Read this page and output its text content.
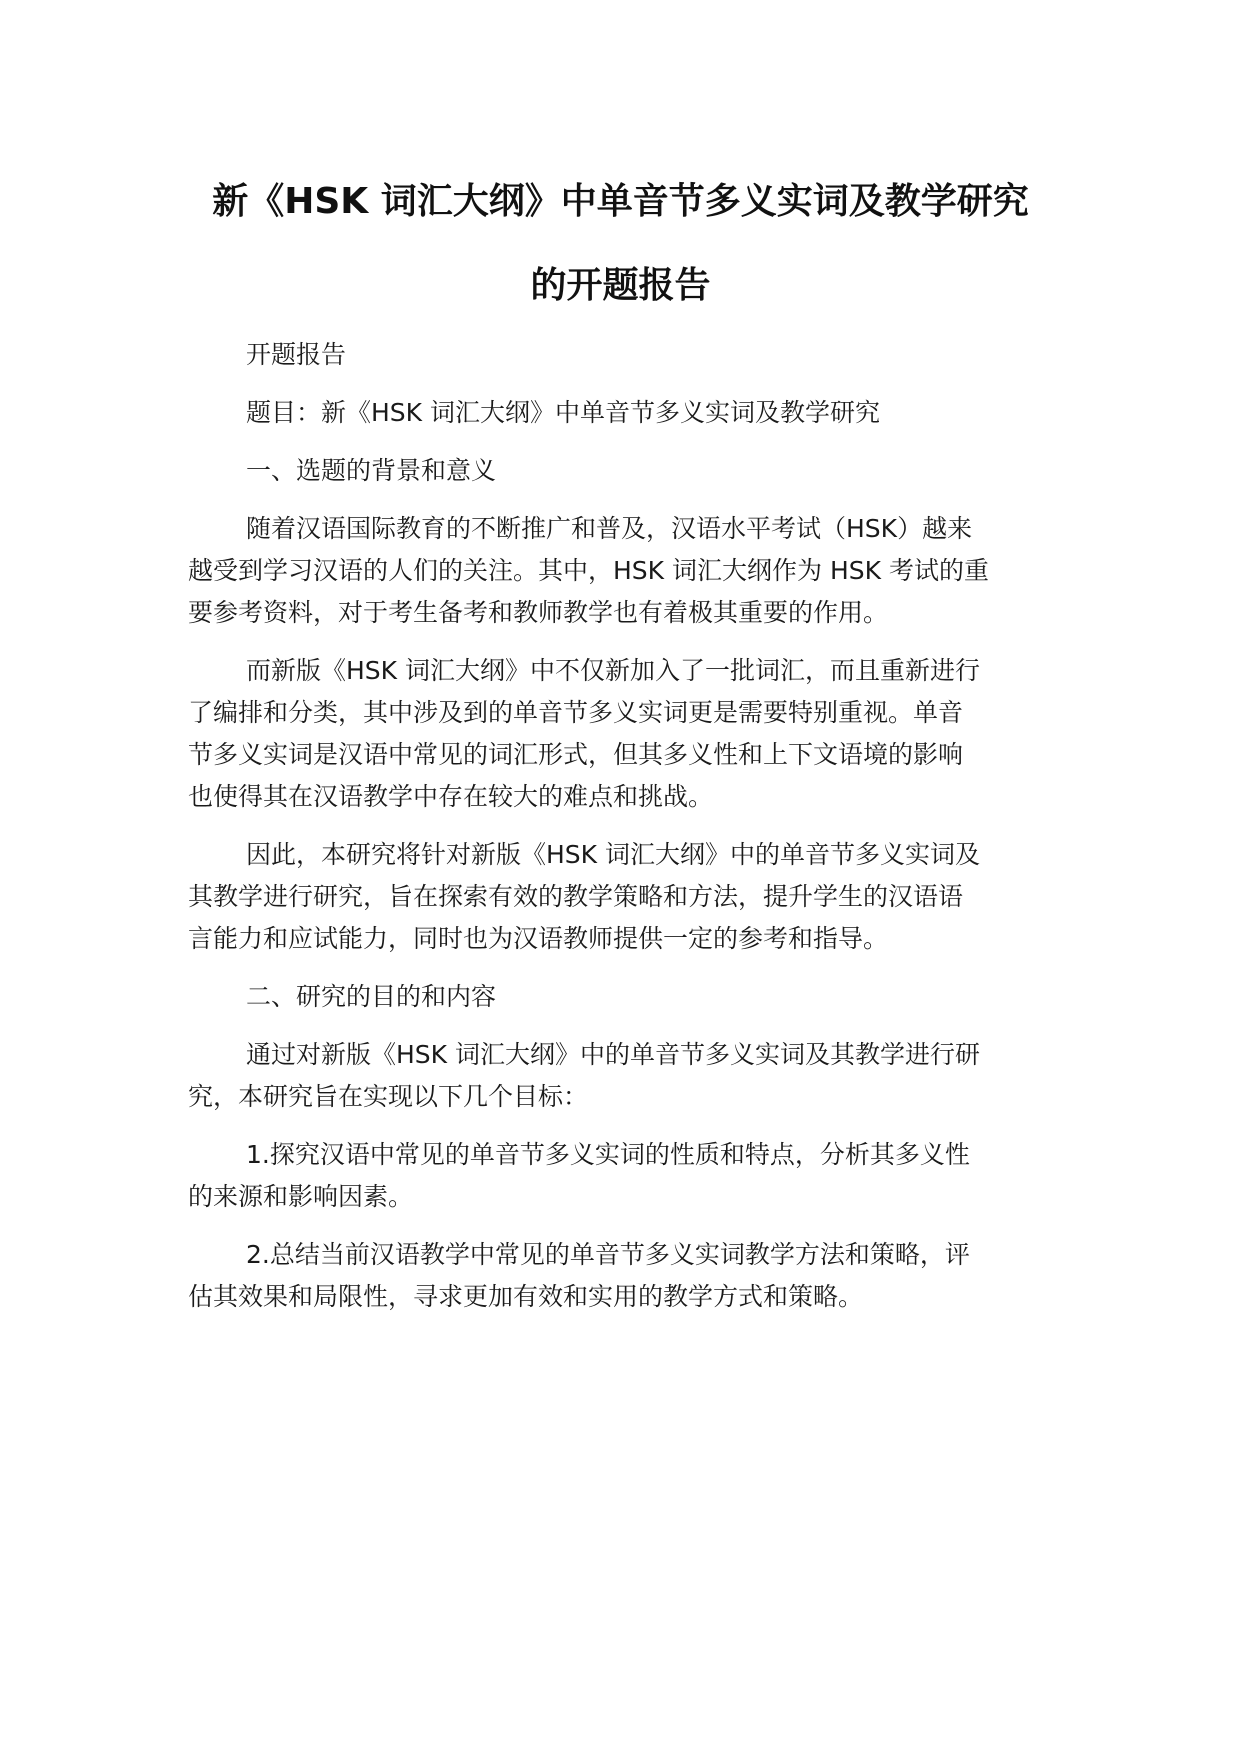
新《HSK 词汇大纲》中单音节多义实词及教学研究
的开题报告
开题报告
题目：新《HSK 词汇大纲》中单音节多义实词及教学研究
一、选题的背景和意义
随着汉语国际教育的不断推广和普及，汉语水平考试（HSK）越来
越受到学习汉语的人们的关注。其中，HSK 词汇大纲作为 HSK 考试的重
要参考资料，对于考生备考和教师教学也有着极其重要的作用。
而新版《HSK 词汇大纲》中不仅新加入了一批词汇，而且重新进行
了编排和分类，其中涉及到的单音节多义实词更是需要特别重视。单音
节多义实词是汉语中常见的词汇形式，但其多义性和上下文语境的影响
也使得其在汉语教学中存在较大的难点和挑战。
因此，本研究将针对新版《HSK 词汇大纲》中的单音节多义实词及
其教学进行研究，旨在探索有效的教学策略和方法，提升学生的汉语语
言能力和应试能力，同时也为汉语教师提供一定的参考和指导。
二、研究的目的和内容
通过对新版《HSK 词汇大纲》中的单音节多义实词及其教学进行研
究，本研究旨在实现以下几个目标：
1.探究汉语中常见的单音节多义实词的性质和特点，分析其多义性
的来源和影响因素。
2.总结当前汉语教学中常见的单音节多义实词教学方法和策略，评
估其效果和局限性，寻求更加有效和实用的教学方式和策略。
